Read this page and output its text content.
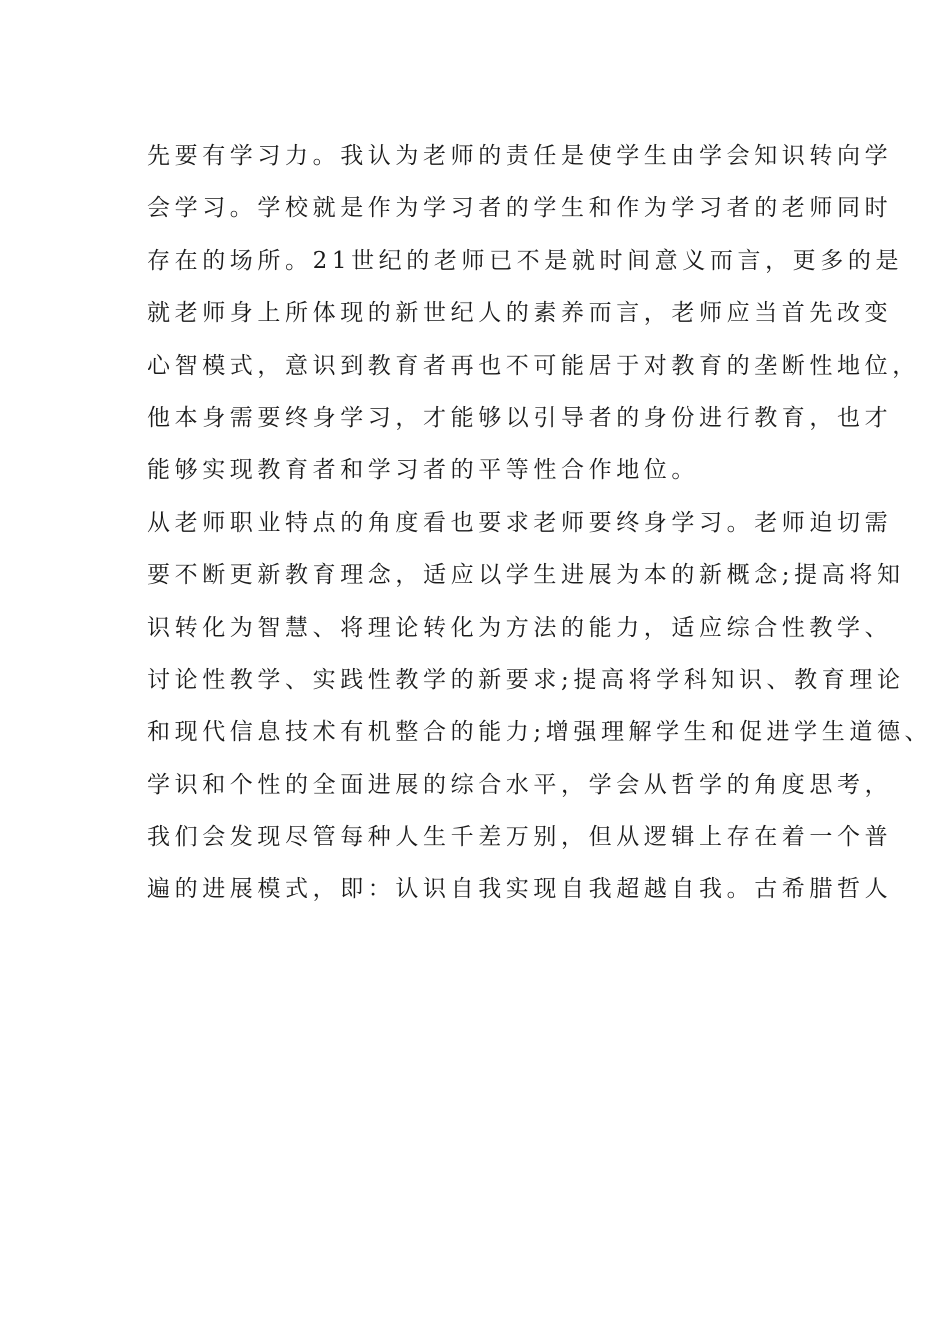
先要有学习力。我认为老师的责任是使学生由学会知识转向学
会学习。学校就是作为学习者的学生和作为学习者的老师同时
存在的场所。21世纪的老师已不是就时间意义而言，更多的是
就老师身上所体现的新世纪人的素养而言，老师应当首先改变
心智模式，意识到教育者再也不可能居于对教育的垄断性地位，
他本身需要终身学习，才能够以引导者的身份进行教育，也才
能够实现教育者和学习者的平等性合作地位。
从老师职业特点的角度看也要求老师要终身学习。老师迫切需
要不断更新教育理念，适应以学生进展为本的新概念;提高将知
识转化为智慧、将理论转化为方法的能力，适应综合性教学、
讨论性教学、实践性教学的新要求;提高将学科知识、教育理论
和现代信息技术有机整合的能力;增强理解学生和促进学生道德、
学识和个性的全面进展的综合水平，学会从哲学的角度思考，
我们会发现尽管每种人生千差万别，但从逻辑上存在着一个普
遍的进展模式，即：认识自我实现自我超越自我。古希腊哲人
